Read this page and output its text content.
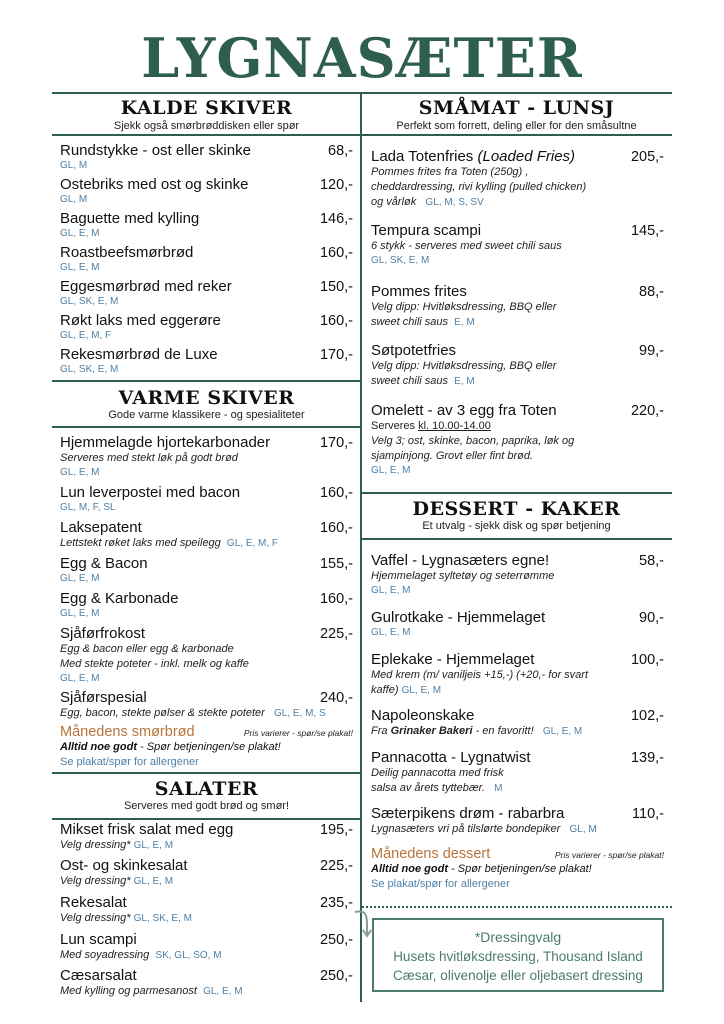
LYGNASÆTER
KALDE SKIVER
Sjekk også smørbrøddisken eller spør
Rundstykke - ost eller skinke	68,-
GL, M
Ostebriks med ost og skinke	120,-
GL, M
Baguette med kylling	146,-
GL, E, M
Roastbeefsmørbrød	160,-
GL, E, M
Eggesmørbrød med reker	150,-
GL, SK, E, M
Røkt laks med eggerøre	160,-
GL, E, M, F
Rekesmørbrød de Luxe	170,-
GL, SK, E, M
VARME SKIVER
Gode varme klassikere - og spesialiteter
Hjemmelagde hjortekarbonader	170,-
Serveres med stekt løk på godt brød
GL, E, M
Lun leverpostei med bacon	160,-
GL, M, F, SL
Laksepatent	160,-
Lettstekt røket laks med speilegg GL, E, M, F
Egg & Bacon	155,-
GL, E, M
Egg & Karbonade	160,-
GL, E, M
Sjåførfrokost	225,-
Egg & bacon eller egg & karbonade
Med stekte poteter - inkl. melk og kaffe
GL, E, M
Sjåførspesial	240,-
Egg, bacon, stekte pølser & stekte poteter GL, E, M, S
Månedens smørbrød	Pris varierer - spør/se plakat!
Alltid noe godt - Spør betjeningen/se plakat!
Se plakat/spør for allergener
SALATER
Serveres med godt brød og smør!
Mikset frisk salat med egg	195,-
Velg dressing* GL, E, M
Ost- og skinkesalat	225,-
Velg dressing* GL, E, M
Rekesalat	235,-
Velg dressing* GL, SK, E, M
Lun scampi	250,-
Med soyadressing SK, GL, SO, M
Cæsarsalat	250,-
Med kylling og parmesanost GL, E, M
SMÅMAT - LUNSJ
Perfekt som forrett, deling eller for den småsultne
Lada Totenfries (Loaded Fries)	205,-
Pommes frites fra Toten (250g) ,
cheddardressing, rivi kylling (pulled chicken)
og vårløk GL, M, S, SV
Tempura scampi	145,-
6 stykk - serveres med sweet chili saus
GL, SK, E, M
Pommes frites	88,-
Velg dipp: Hvitløksdressing, BBQ eller
sweet chili saus E, M
Søtpotetfries	99,-
Velg dipp: Hvitløksdressing, BBQ eller
sweet chili saus E, M
Omelett - av 3 egg fra Toten	220,-
Serveres kl. 10.00-14.00
Velg 3; ost, skinke, bacon, paprika, løk og
sjampinjong. Grovt eller fint brød.
GL, E, M
DESSERT - KAKER
Et utvalg - sjekk disk og spør betjening
Vaffel - Lygnasæters egne!	58,-
Hjemmelaget syltetøy og seterrømme
GL, E, M
Gulrotkake - Hjemmelaget	90,-
GL, E, M
Eplekake - Hjemmelaget	100,-
Med krem (m/ vaniljeis +15,-) (+20,- for svart
kaffe) GL, E, M
Napoleonskake	102,-
Fra Grinaker Bakeri - en favoritt! GL, E, M
Pannacotta - Lygnatwist	139,-
Deilig pannacotta med frisk
salsa av årets tyttebær. M
Sæterpikens drøm - rabarbra	110,-
Lygnasæters vri på tilslørte bondepiker GL, M
Månedens dessert	Pris varierer - spør/se plakat!
Alltid noe godt - Spør betjeningen/se plakat!
Se plakat/spør for allergener
*Dressingvalg
Husets hvitløksdressing, Thousand Island
Cæsar, olivenolje eller oljebasert dressing
